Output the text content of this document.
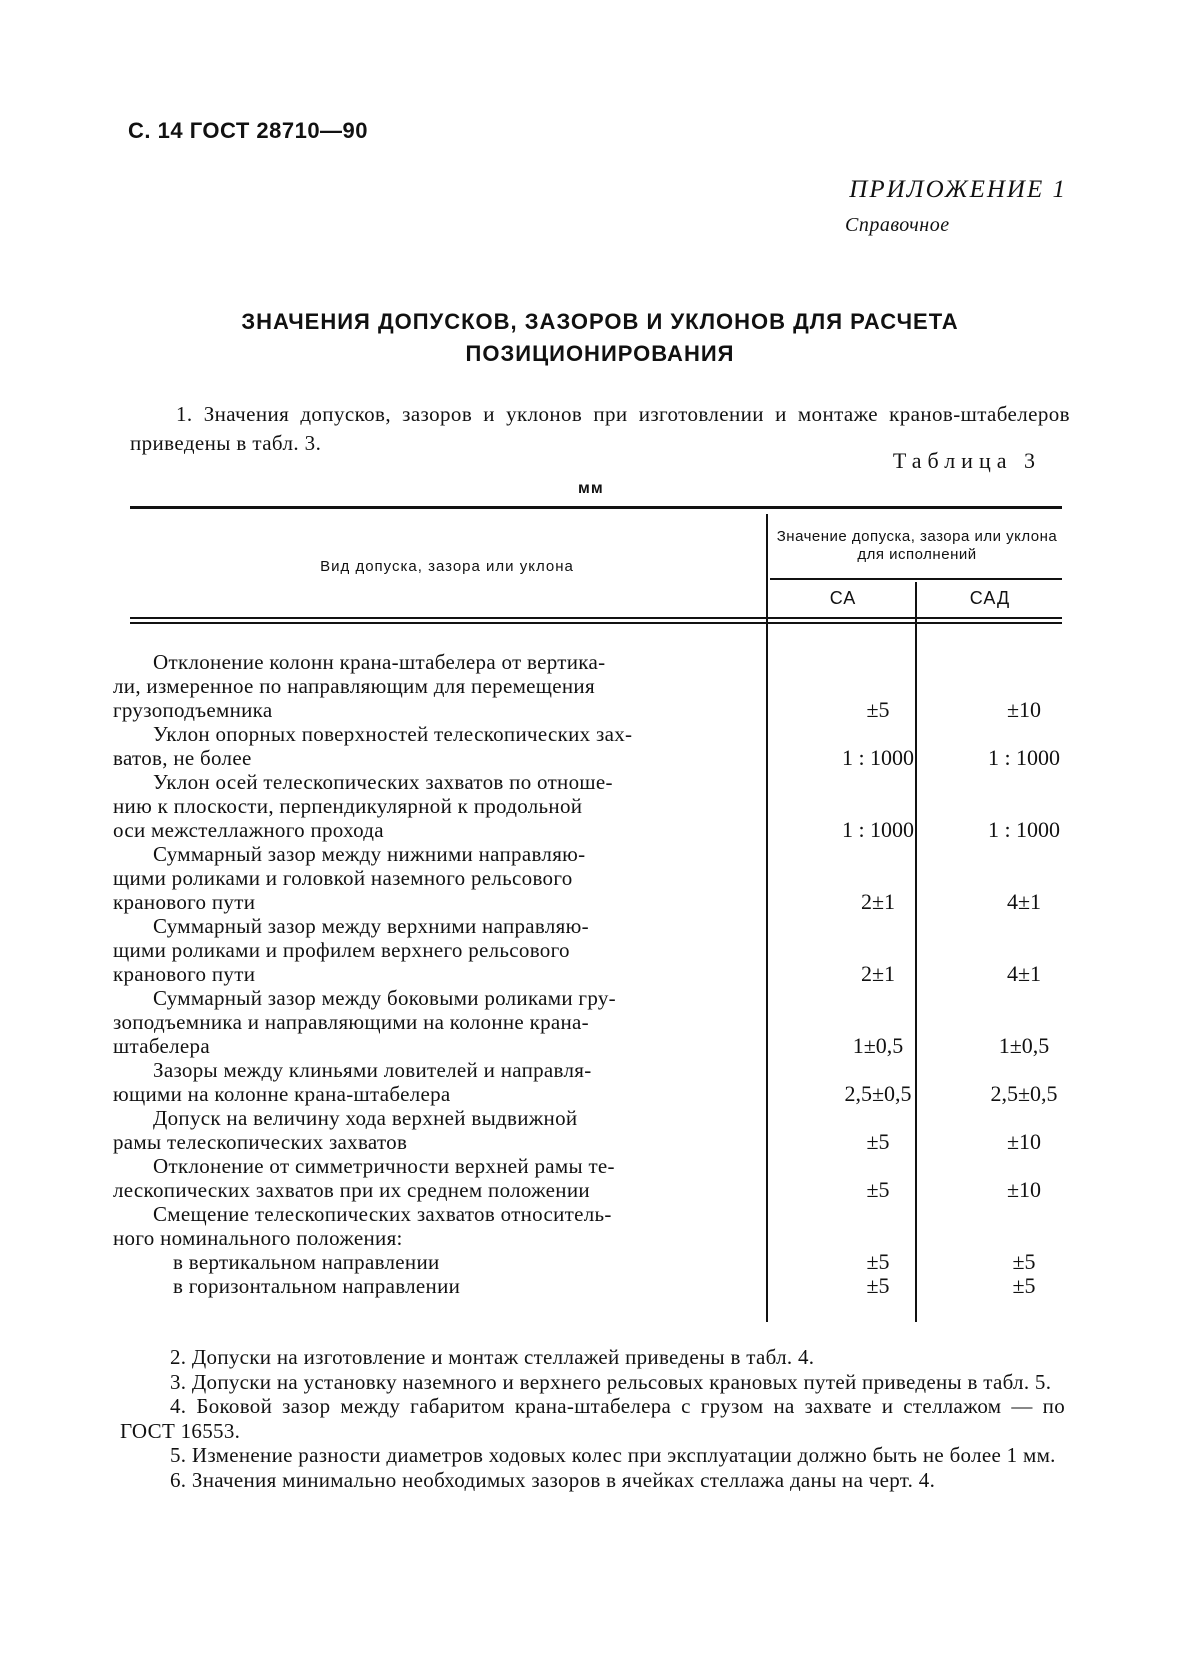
С. 14 ГОСТ 28710—90
ПРИЛОЖЕНИЕ 1
Справочное
ЗНАЧЕНИЯ ДОПУСКОВ, ЗАЗОРОВ И УКЛОНОВ ДЛЯ РАСЧЕТА
ПОЗИЦИОНИРОВАНИЯ
1. Значения допусков, зазоров и уклонов при изготовлении и монтаже кранов-штабелеров приведены в табл. 3.
Таблица 3
мм
Вид допуска, зазора или уклона
Значение допуска, зазора или уклона для исполнений
СА	САД
Отклонение колонн крана-штабелера от вертика-
ли, измеренное по направляющим для перемещения
грузоподъемника	±5	±10
Уклон опорных поверхностей телескопических зах-
ватов, не более	1 : 1000	1 : 1000
Уклон осей телескопических захватов по отноше-
нию к плоскости, перпендикулярной к продольной
оси межстеллажного прохода	1 : 1000	1 : 1000
Суммарный зазор между нижними направляю-
щими роликами и головкой наземного рельсового
кранового пути	2±1	4±1
Суммарный зазор между верхними направляю-
щими роликами и профилем верхнего рельсового
кранового пути	2±1	4±1
Суммарный зазор между боковыми роликами гру-
зоподъемника и направляющими на колонне крана-
штабелера	1±0,5	1±0,5
Зазоры между клиньями ловителей и направля-
ющими на колонне крана-штабелера	2,5±0,5	2,5±0,5
Допуск на величину хода верхней выдвижной
рамы телескопических захватов	±5	±10
Отклонение от симметричности верхней рамы те-
лескопических захватов при их среднем положении	±5	±10
Смещение телескопических захватов относитель-
ного номинального положения:
в вертикальном направлении	±5	±5
в горизонтальном направлении	±5	±5

2. Допуски на изготовление и монтаж стеллажей приведены в табл. 4.

3. Допуски на установку наземного и верхнего рельсовых крановых путей приведены в табл. 5.

4. Боковой зазор между габаритом крана-штабелера с грузом на захвате и стеллажом — по ГОСТ 16553.

5. Изменение разности диаметров ходовых колес при эксплуатации должно быть не более 1 мм.

6. Значения минимально необходимых зазоров в ячейках стеллажа даны на черт. 4.
